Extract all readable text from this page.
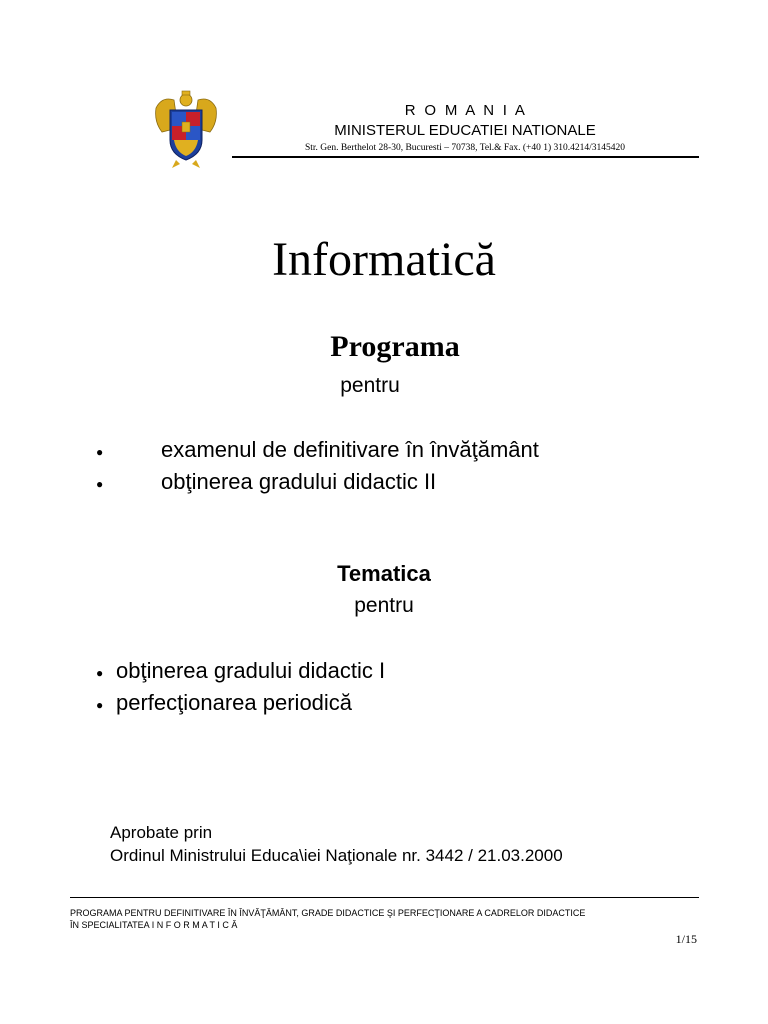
R O M A N I A
MINISTERUL EDUCATIEI NATIONALE
Str. Gen. Berthelot 28-30, Bucuresti – 70738, Tel.& Fax. (+40 1) 310.4214/3145420
Informatică
Programa
pentru
●	examenul de definitivare în învăţământ
●	obţinerea gradului didactic II
Tematica
pentru
● obţinerea gradului didactic I
● perfecţionarea periodică
Aprobate prin
Ordinul Ministrului Educa\iei Naţionale nr. 3442 / 21.03.2000
PROGRAMA PENTRU DEFINITIVARE ÎN ÎNVĂŢĂMÂNT, GRADE DIDACTICE ŞI PERFECŢIONARE A CADRELOR DIDACTICE
ÎN SPECIALITATEA I N F O R M A T I C Ă
1/15
